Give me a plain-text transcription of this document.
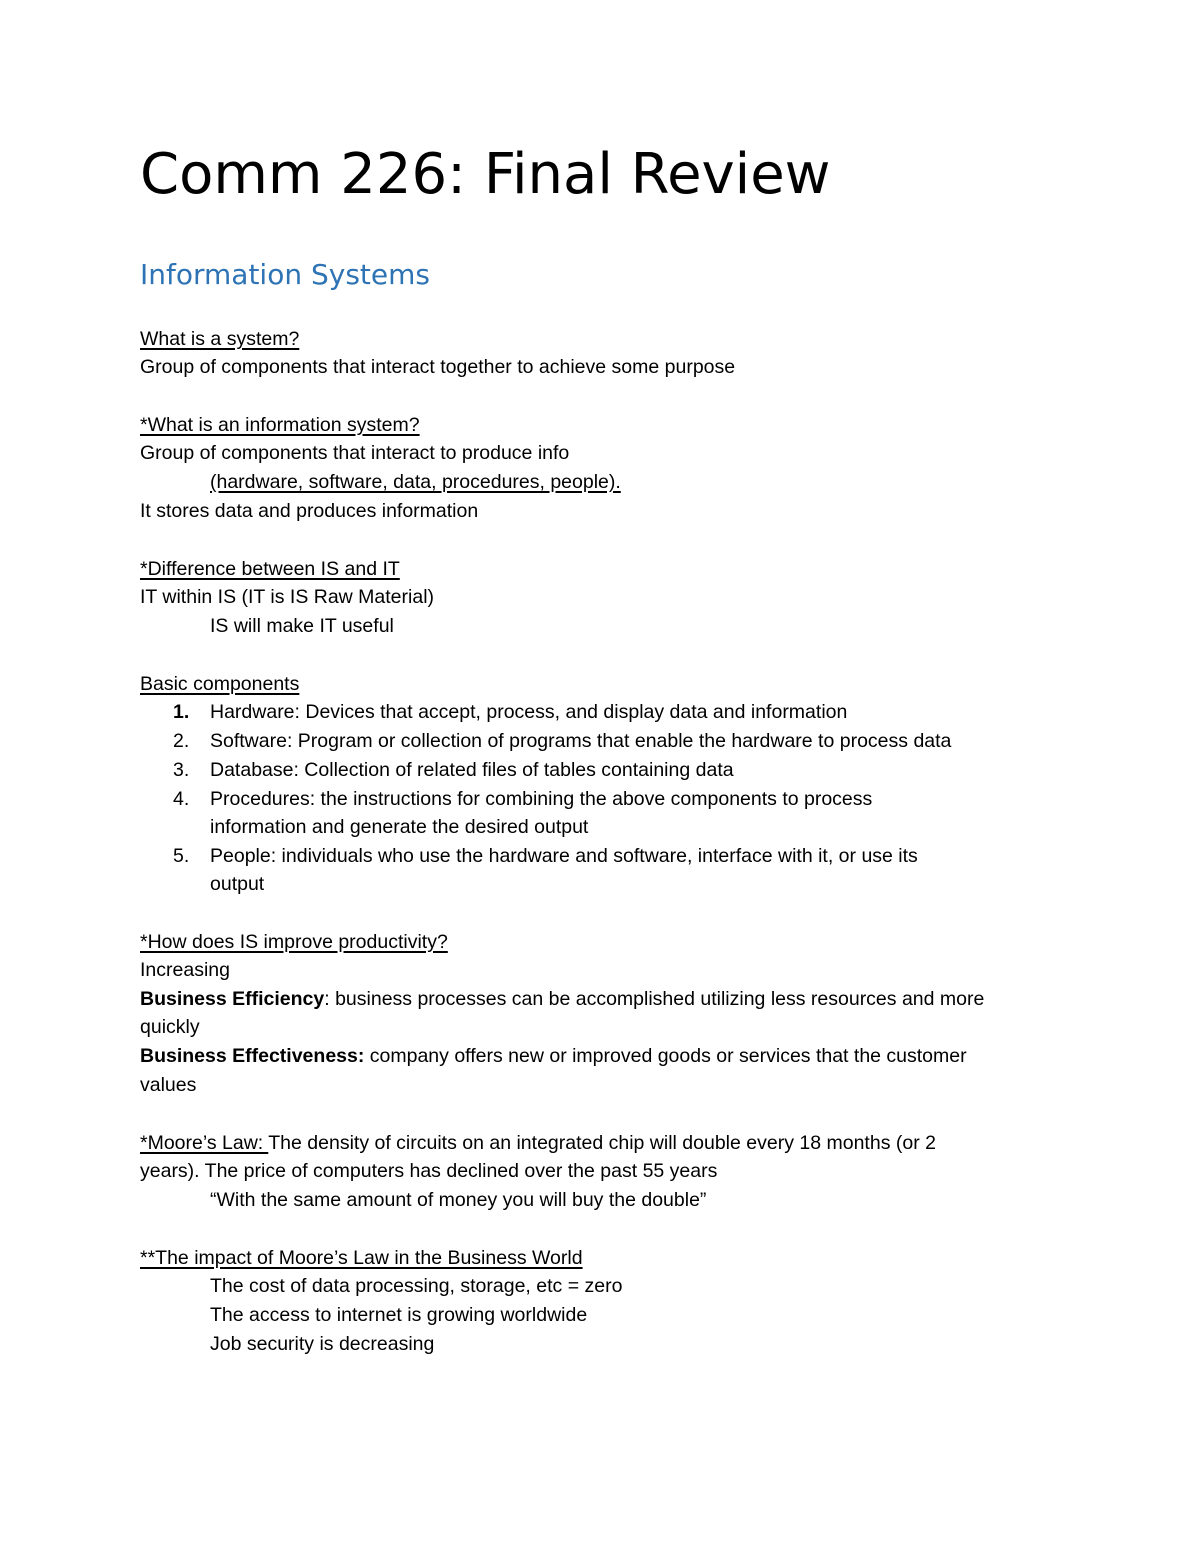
Comm 226: Final Review
Information Systems
What is a system?
Group of components that interact together to achieve some purpose
*What is an information system?
Group of components that interact to produce info
(hardware, software, data, procedures, people).
It stores data and produces information
*Difference between IS and IT
IT within IS (IT is IS Raw Material)
IS will make IT useful
Basic components
1. Hardware: Devices that accept, process, and display data and information
2. Software: Program or collection of programs that enable the hardware to process data
3. Database: Collection of related files of tables containing data
4. Procedures: the instructions for combining the above components to process
information and generate the desired output
5. People: individuals who use the hardware and software, interface with it, or use its
output
*How does IS improve productivity?
Increasing
Business Efficiency: business processes can be accomplished utilizing less resources and more
quickly
Business Effectiveness: company offers new or improved goods or services that the customer
values
*Moore’s Law: The density of circuits on an integrated chip will double every 18 months (or 2
years). The price of computers has declined over the past 55 years
“With the same amount of money you will buy the double”
**The impact of Moore’s Law in the Business World
The cost of data processing, storage, etc = zero
The access to internet is growing worldwide
Job security is decreasing
